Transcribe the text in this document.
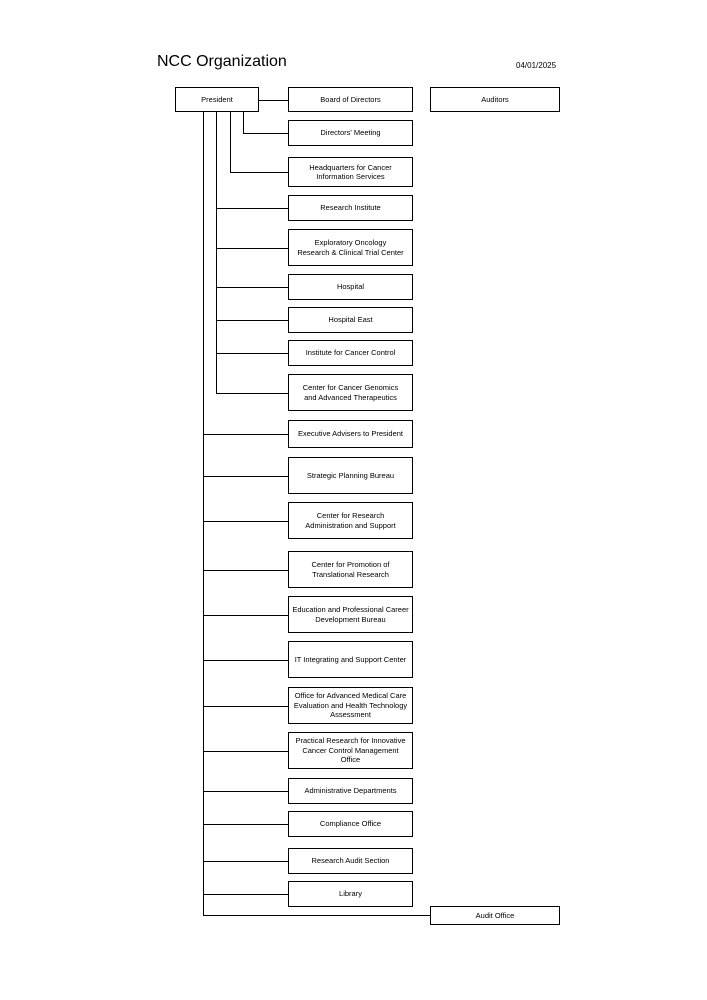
NCC Organization	04/01/2025
President	Board of Directors	Auditors
Directors' Meeting
Headquarters for Cancer
Information Services
Research Institute
Exploratory Oncology
Research & Clinical Trial Center
Hospital
Hospital East
Institute for Cancer Control
Center for Cancer Genomics
and Advanced Therapeutics
Executive Advisers to President
Strategic Planning Bureau
Center for Research
Administration and Support
Center for Promotion of
Translational Research
Education and Professional Career
Development Bureau
IT Integrating and Support Center
Office for Advanced Medical Care
Evaluation and Health Technology
Assessment
Practical Research for Innovative
Cancer Control Management
Office
Administrative Departments
Compliance Office
Research Audit Section
Library
Audit Office
